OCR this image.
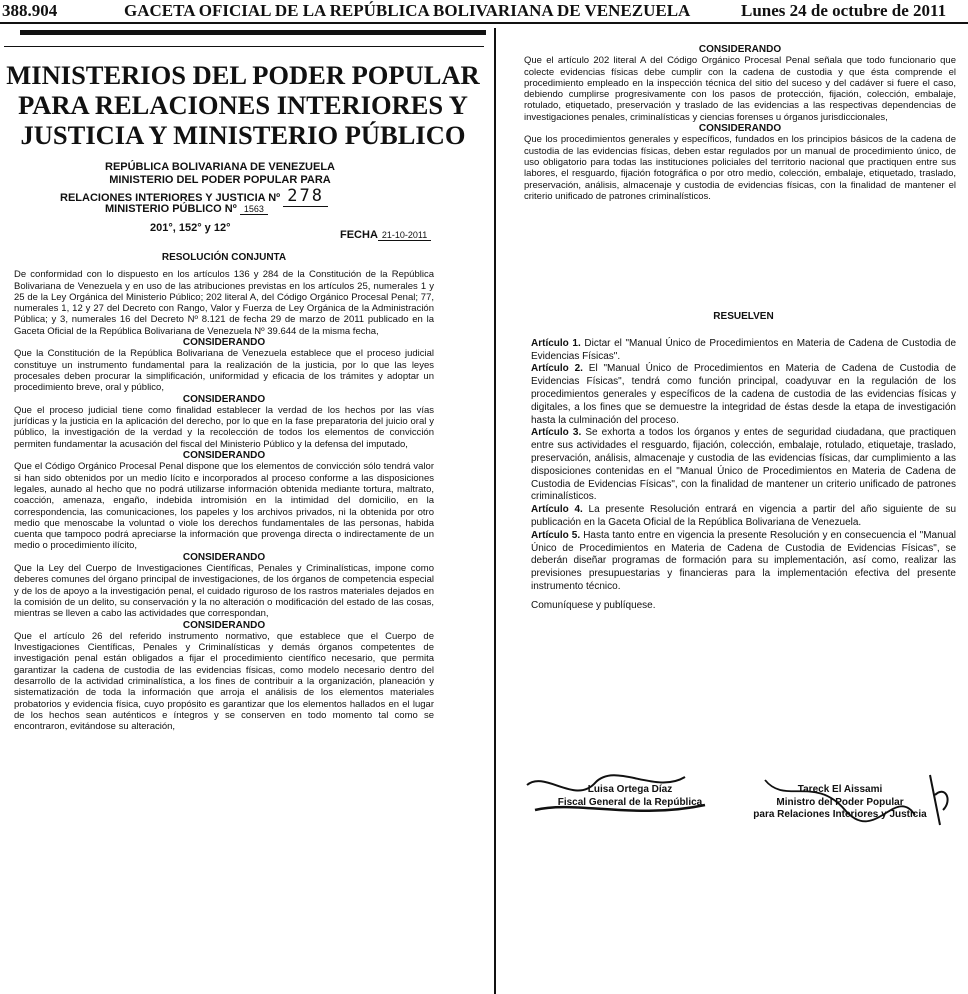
388.904	GACETA OFICIAL DE LA REPÚBLICA BOLIVARIANA DE VENEZUELA	Lunes 24 de octubre de 2011
MINISTERIOS DEL PODER POPULAR
PARA RELACIONES INTERIORES Y
JUSTICIA Y MINISTERIO PÚBLICO
REPÚBLICA BOLIVARIANA DE VENEZUELA
MINISTERIO DEL PODER POPULAR PARA
RELACIONES INTERIORES Y JUSTICIA Nº 278
MINISTERIO PÚBLICO Nº 1563
201°, 152° y 12°
FECHA 21-10-2011

RESOLUCIÓN CONJUNTA

De conformidad con lo dispuesto en los artículos 136 y 284 de la Constitución de la República Bolivariana de Venezuela y en uso de las atribuciones previstas en los artículos 25, numerales 1 y 25 de la Ley Orgánica del Ministerio Público; 202 literal A, del Código Orgánico Procesal Penal; 77, numerales 1, 12 y 27 del Decreto con Rango, Valor y Fuerza de Ley Orgánica de la Administración Pública; y 3, numerales 16 del Decreto Nº 8.121 de fecha 29 de marzo de 2011 publicado en la Gaceta Oficial de la República Bolivariana de Venezuela Nº 39.644 de la misma fecha,

CONSIDERANDO

Que la Constitución de la República Bolivariana de Venezuela establece que el proceso judicial constituye un instrumento fundamental para la realización de la justicia, por lo que las leyes procesales deben procurar la simplificación, uniformidad y eficacia de los trámites y adoptar un procedimiento breve, oral y público,

CONSIDERANDO

Que el proceso judicial tiene como finalidad establecer la verdad de los hechos por las vías jurídicas y la justicia en la aplicación del derecho, por lo que en la fase preparatoria del juicio oral y público, la investigación de la verdad y la recolección de todos los elementos de convicción permiten fundamentar la acusación del fiscal del Ministerio Público y la defensa del imputado,

CONSIDERANDO

Que el Código Orgánico Procesal Penal dispone que los elementos de convicción sólo tendrá valor si han sido obtenidos por un medio lícito e incorporados al proceso conforme a las disposiciones legales, aunado al hecho que no podrá utilizarse información obtenida mediante tortura, maltrato, coacción, amenaza, engaño, indebida intromisión en la intimidad del domicilio, en la correspondencia, las comunicaciones, los papeles y los archivos privados, ni la obtenida por otro medio que menoscabe la voluntad o viole los derechos fundamentales de las personas, habida cuenta que tampoco podrá apreciarse la información que provenga directa o indirectamente de un medio o procedimiento ilícito,

CONSIDERANDO

Que la Ley del Cuerpo de Investigaciones Científicas, Penales y Criminalísticas, impone como deberes comunes del órgano principal de investigaciones, de los órganos de competencia especial y de los de apoyo a la investigación penal, el cuidado riguroso de los rastros materiales dejados en la comisión de un delito, su conservación y la no alteración o modificación del estado de las cosas, mientras se lleven a cabo las actividades que correspondan,

CONSIDERANDO

Que el artículo 26 del referido instrumento normativo, que establece que el Cuerpo de Investigaciones Científicas, Penales y Criminalísticas y demás órganos competentes de investigación penal están obligados a fijar el procedimiento científico necesario, que permita garantizar la cadena de custodia de las evidencias físicas, como modelo necesario dentro del desarrollo de la actividad criminalística, a los fines de contribuir a la organización, planeación y sistematización de toda la información que arroja el análisis de los elementos materiales probatorios y evidencia física, cuyo propósito es garantizar que los elementos hallados en el lugar de los hechos sean auténticos e íntegros y se conserven en todo momento tal como se encontraron, evitándose su alteración,

CONSIDERANDO

Que el artículo 202 literal A del Código Orgánico Procesal Penal señala que todo funcionario que colecte evidencias físicas debe cumplir con la cadena de custodia y que ésta comprende el procedimiento empleado en la inspección técnica del sitio del suceso y del cadáver si fuere el caso, debiendo cumplirse progresivamente con los pasos de protección, fijación, colección, embalaje, rotulado, etiquetado, preservación y traslado de las evidencias a las respectivas dependencias de investigaciones penales, criminalísticas y ciencias forenses u órganos jurisdiccionales,

CONSIDERANDO

Que los procedimientos generales y específicos, fundados en los principios básicos de la cadena de custodia de las evidencias físicas, deben estar regulados por un manual de procedimiento único, de uso obligatorio para todas las instituciones policiales del territorio nacional que practiquen entre sus labores, el resguardo, fijación fotográfica o por otro medio, colección, embalaje, etiquetado, traslado, preservación, análisis, almacenaje y custodia de evidencias físicas, con la finalidad de mantener el criterio unificado de patrones criminalísticos.

RESUELVEN

Artículo 1. Dictar el "Manual Único de Procedimientos en Materia de Cadena de Custodia de Evidencias Físicas".

Artículo 2. El "Manual Único de Procedimientos en Materia de Cadena de Custodia de Evidencias Físicas", tendrá como función principal, coadyuvar en la regulación de los procedimientos generales y específicos de la cadena de custodia de las evidencias físicas y digitales, a los fines que se demuestre la integridad de éstas desde la etapa de investigación hasta la culminación del proceso.

Artículo 3. Se exhorta a todos los órganos y entes de seguridad ciudadana, que practiquen entre sus actividades el resguardo, fijación, colección, embalaje, rotulado, etiquetaje, traslado, preservación, análisis, almacenaje y custodia de las evidencias físicas, dar cumplimiento a las disposiciones contenidas en el "Manual Único de Procedimientos en Materia de Cadena de Custodia de Evidencias Físicas", con la finalidad de mantener un criterio unificado de patrones criminalísticos.

Artículo 4. La presente Resolución entrará en vigencia a partir del año siguiente de su publicación en la Gaceta Oficial de la República Bolivariana de Venezuela.

Artículo 5. Hasta tanto entre en vigencia la presente Resolución y en consecuencia el "Manual Único de Procedimientos en Materia de Cadena de Custodia de Evidencias Físicas", se deberán diseñar programas de formación para su implementación, así como, realizar las previsiones presupuestarias y financieras para la implementación efectiva del presente instrumento técnico.

Comuníquese y publíquese.

Luisa Ortega Díaz
Fiscal General de la República
Tareck El Aissami
Ministro del Poder Popular
para Relaciones Interiores y Justicia
